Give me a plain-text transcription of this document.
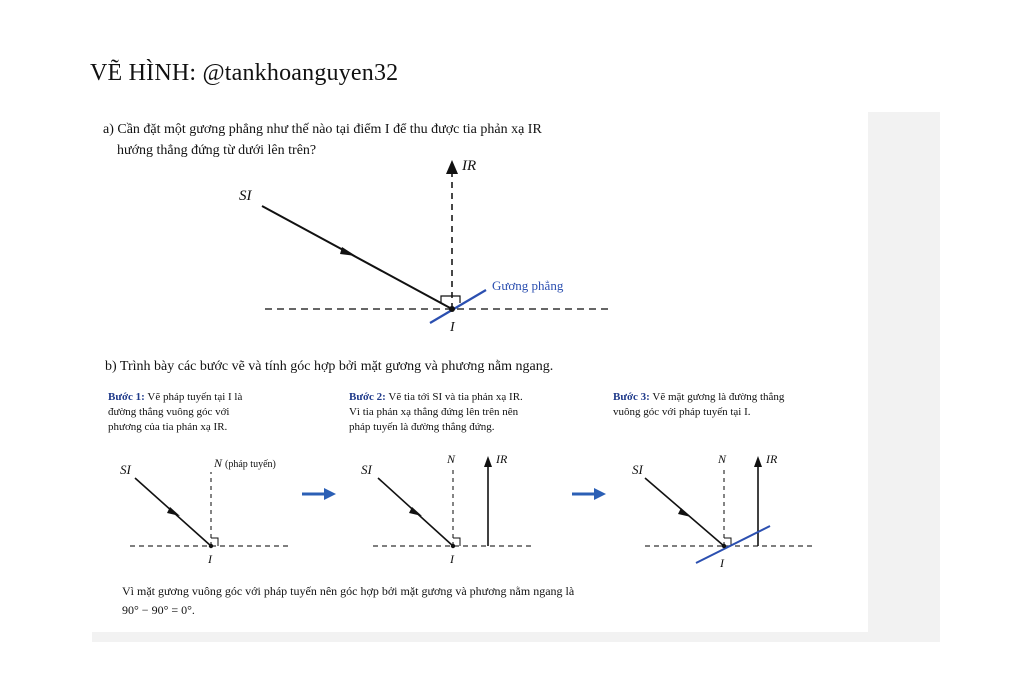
VẼ HÌNH: @tankhoanguyen32
a) Cần đặt một gương phẳng như thế nào tại điểm I để thu được tia phản xạ IR
hướng thẳng đứng từ dưới lên trên?
SI
IR
I
Gương phẳng
b) Trình bày các bước vẽ và tính góc hợp bởi mặt gương và phương nằm ngang.
Bước 1: Vẽ pháp tuyến tại I là
đường thẳng vuông góc với
phương của tia phản xạ IR.
Bước 2: Vẽ tia tới SI và tia phản xạ IR.
Vì tia phản xạ thẳng đứng lên trên nên
pháp tuyến là đường thẳng đứng.
Bước 3: Vẽ mặt gương là đường thẳng
vuông góc với pháp tuyến tại I.
SI	N (pháp tuyến)
I
SI
N	IR
I
SI
N	IR
I
Vì mặt gương vuông góc với pháp tuyến nên góc hợp bởi mặt gương và phương nằm ngang là
90° − 90° = 0°.
